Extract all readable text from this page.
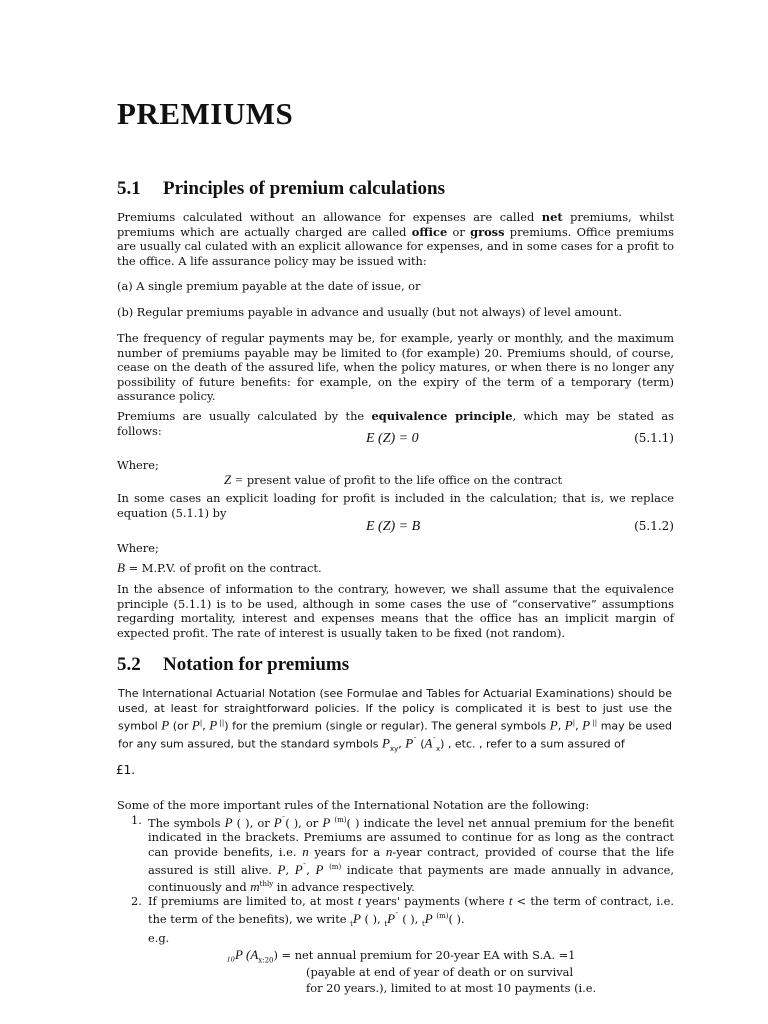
PREMIUMS
5.1 Principles of premium calculations

Premiums calculated without an allowance for expenses are called net premiums, whilst premiums which are actually charged are called office or gross premiums. Office premiums are usually cal culated with an explicit allowance for expenses, and in some cases for a profit to the office. A life assurance policy may be issued with:

(a) A single premium payable at the date of issue, or
(b) Regular premiums payable in advance and usually (but not always) of level amount.

The frequency of regular payments may be, for example, yearly or monthly, and the maximum number of premiums payable may be limited to (for example) 20. Premiums should, of course, cease on the death of the assured life, when the policy matures, or when there is no longer any possibility of future benefits: for example, on the expiry of the term of a temporary (term) assurance policy.

Premiums are usually calculated by the equivalence principle, which may be stated as follows:

E (Z) = 0	(5.1.1)
Where;
Z = present value of profit to the life office on the contract

In some cases an explicit loading for profit is included in the calculation; that is, we replace equation (5.1.1) by

E (Z) = B	(5.1.2)
Where;
B = M.P.V. of profit on the contract.

In the absence of information to the contrary, however, we shall assume that the equivalence principle (5.1.1) is to be used, although in some cases the use of “conservative” assumptions regarding mortality, interest and expenses means that the office has an implicit margin of expected profit. The rate of interest is usually taken to be fixed (not random).

5.2 Notation for premiums

The International Actuarial Notation (see Formulae and Tables for Actuarial Examinations) should be used, at least for straightforward policies. If the policy is complicated it is best to just use the symbol P (or P|, P ||) for the premium (single or regular). The general symbols P, P|, P || may be used for any sum assured, but the standard symbols $P_{xy}$, P¯ $(A^¯_x)$ , etc. , refer to a sum assured of

£1.

Some of the more important rules of the International Notation are the following:

1. The symbols P ( ), or P¯( ), or P $^{(m)}$( ) indicate the level net annual premium for the benefit indicated in the brackets. Premiums are assumed to continue for as long as the contract can provide benefits, i.e. n years for a n-year contract, provided of course that the life assured is still alive. P, P¯, P $^{(m)}$ indicate that payments are made annually in advance, continuously and $m^{thly}$ in advance respectively.
2. If premiums are limited to, at most t years' payments (where t < the term of contract, i.e. the term of the benefits), we write $_t$P ( ), $_t$P¯ ( ), $_t$P $^{(m)}$( ).
e.g.
₁₀P $(A_{x:20})$ = net annual premium for 20-year EA with S.A. =1
(payable at end of year of death or on survival
for 20 years.), limited to at most 10 payments (i.e.
